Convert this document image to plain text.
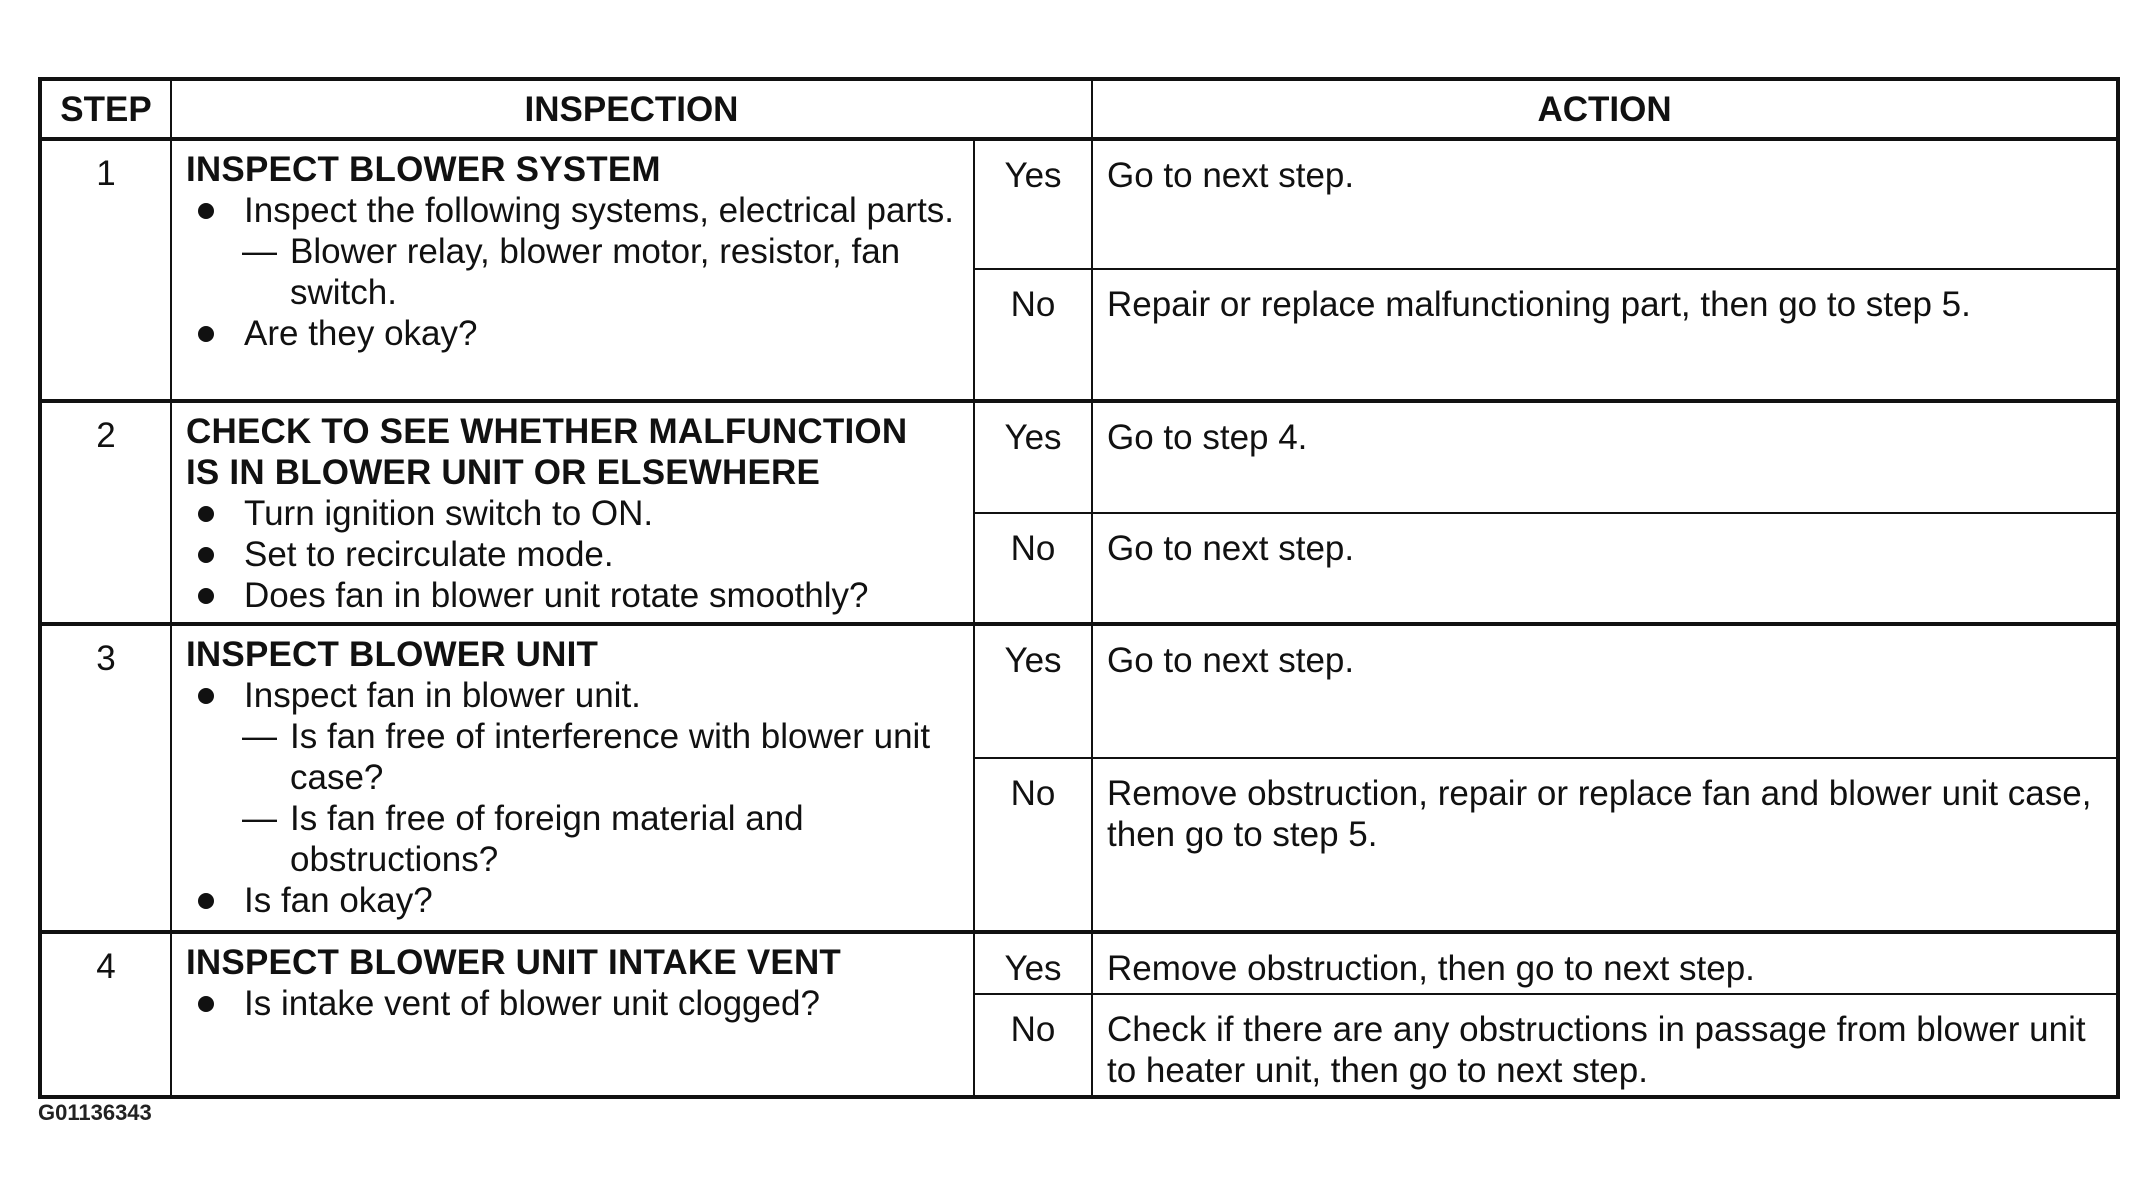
STEP	INSPECTION		ACTION
1	INSPECT BLOWER SYSTEM
Inspect the following systems, electrical parts.
— Blower relay, blower motor, resistor, fan switch.
Are they okay?	Yes	Go to next step.
		No	Repair or replace malfunctioning part, then go to step 5.
2	CHECK TO SEE WHETHER MALFUNCTION
IS IN BLOWER UNIT OR ELSEWHERE
Turn ignition switch to ON.
Set to recirculate mode.
Does fan in blower unit rotate smoothly?	Yes	Go to step 4.
		No	Go to next step.
3	INSPECT BLOWER UNIT
Inspect fan in blower unit.
— Is fan free of interference with blower unit case?
— Is fan free of foreign material and obstructions?
Is fan okay?	Yes	Go to next step.
		No	Remove obstruction, repair or replace fan and blower unit case, then go to step 5.
4	INSPECT BLOWER UNIT INTAKE VENT
Is intake vent of blower unit clogged?	Yes	Remove obstruction, then go to next step.
		No	Check if there are any obstructions in passage from blower unit to heater unit, then go to next step.
G01136343
